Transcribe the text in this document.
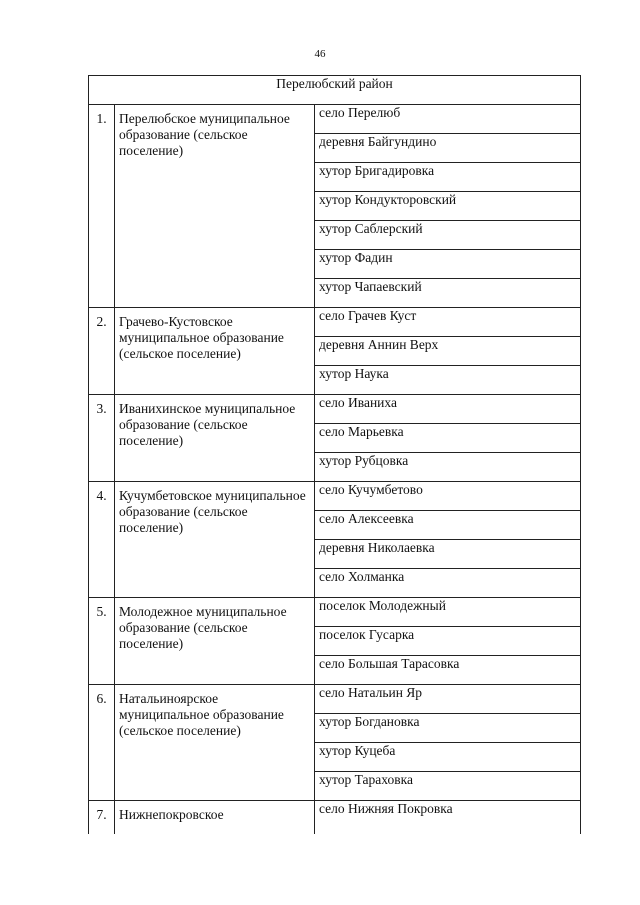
46
Перелюбский район		
1.	Перелюбское муниципальное образование (сельское поселение)	село Перелюб
		деревня Байгундино
		хутор Бригадировка
		хутор Кондукторовский
		хутор Саблерский
		хутор Фадин
		хутор Чапаевский
2.	Грачево-Кустовское муниципальное образование (сельское поселение)	село Грачев Куст
		деревня Аннин Верх
		хутор Наука
3.	Иванихинское муниципальное образование (сельское поселение)	село Иваниха
		село Марьевка
		хутор Рубцовка
4.	Кучумбетовское муниципальное образование (сельское поселение)	село Кучумбетово
		село Алексеевка
		деревня Николаевка
		село Холманка
5.	Молодежное муниципальное образование (сельское поселение)	поселок Молодежный
		поселок Гусарка
		село Большая Тарасовка
6.	Натальиноярское муниципальное образование (сельское поселение)	село Натальин Яр
		хутор Богдановка
		хутор Куцеба
		хутор Тараховка
7.	Нижнепокровское	село Нижняя Покровка
